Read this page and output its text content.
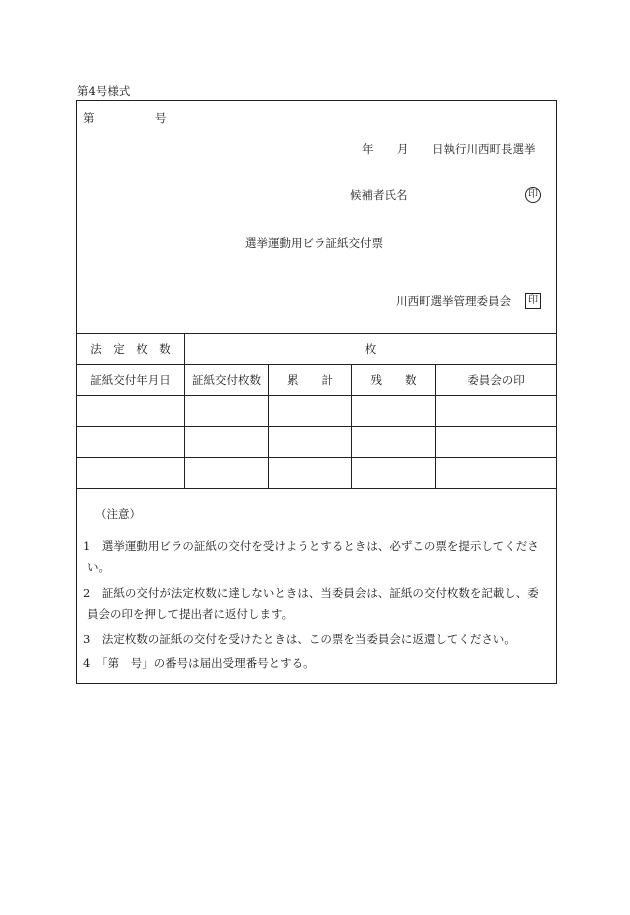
第4号様式
第	号
年 月 日執行川西町長選挙
候補者氏名	印
選挙運動用ビラ証紙交付票
川西町選挙管理委員会	印
法　定　枚　数	枚
証紙交付年月日	証紙交付枚数	累　　計	残　　数	委員会の印
（注意）
1　選挙運動用ビラの証紙の交付を受けようとするときは、必ずこの票を提示してくださ
い。
2　証紙の交付が法定枚数に達しないときは、当委員会は、証紙の交付枚数を記載し、委
員会の印を押して提出者に返付します。
3　法定枚数の証紙の交付を受けたときは、この票を当委員会に返還してください。
4　「第　号」の番号は届出受理番号とする。
